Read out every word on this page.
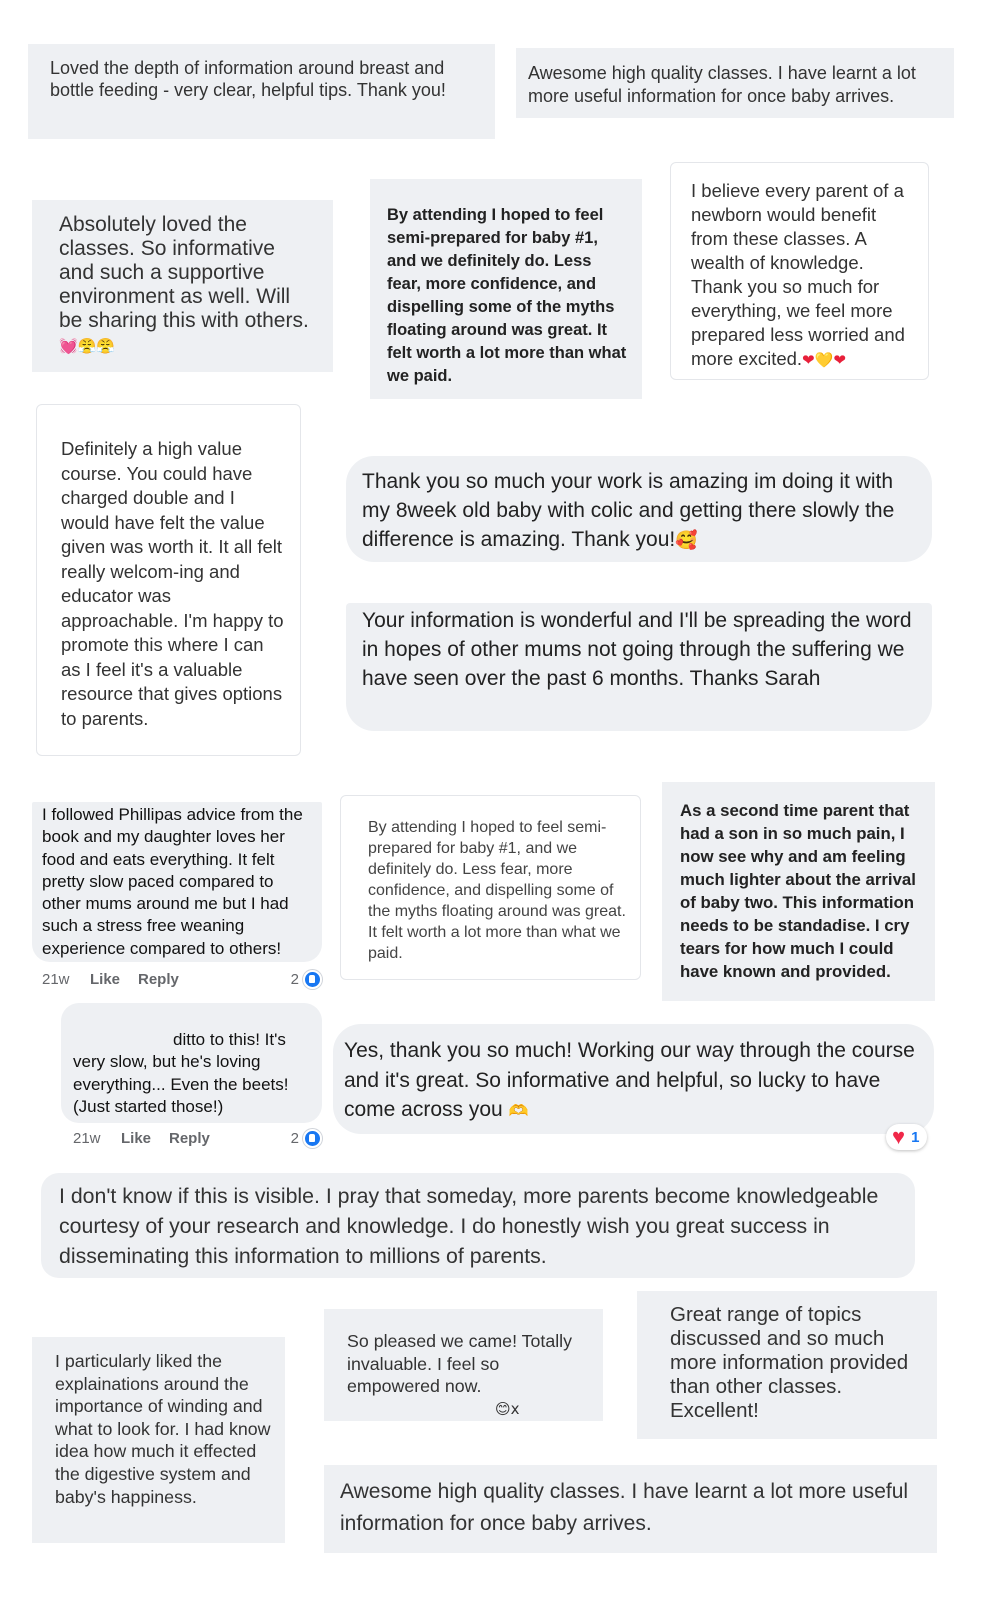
Loved the depth of information around breast and bottle feeding - very clear, helpful tips. Thank you!

Awesome high quality classes. I have learnt a lot more useful information for once baby arrives.

Absolutely loved the classes. So informative and such a supportive environment as well. Will be sharing this with others. 💓😤😤

By attending I hoped to feel semi-prepared for baby #1, and we definitely do. Less fear, more confidence, and dispelling some of the myths floating around was great. It felt worth a lot more than what we paid.

I believe every parent of a newborn would benefit from these classes. A wealth of knowledge. Thank you so much for everything, we feel more prepared less worried and more excited.❤💛❤

Definitely a high value course. You could have charged double and I would have felt the value given was worth it. It all felt really welcom-ing and educator was approachable. I'm happy to promote this where I can as I feel it's a valuable resource that gives options to parents.

Thank you so much your work is amazing im doing it with my 8week old baby with colic and getting there slowly the difference is amazing. Thank you!🥰

Your information is wonderful and I'll be spreading the word in hopes of other mums not going through the suffering we have seen over the past 6 months. Thanks Sarah

I followed Phillipas advice from the book and my daughter loves her food and eats everything. It felt pretty slow paced compared to other mums around me but I had such a stress free weaning experience compared to others!

21w	Like	Reply	2

By attending I hoped to feel semi-prepared for baby #1, and we definitely do. Less fear, more confidence, and dispelling some of the myths floating around was great. It felt worth a lot more than what we paid.

As a second time parent that had a son in so much pain, I now see why and am feeling much lighter about the arrival of baby two. This information needs to be standadise. I cry tears for how much I could have known and provided.

ditto to this! It's
very slow, but he's loving everything... Even the beets! (Just started those!)

21w	Like	Reply	2

Yes, thank you so much! Working our way through the course and it's great. So informative and helpful, so lucky to have come across you 🫶

♥ 1

I don't know if this is visible. I pray that someday, more parents become knowledgeable courtesy of your research and knowledge. I do honestly wish you great success in disseminating this information to millions of parents.

I particularly liked the explainations around the importance of winding and what to look for. I had know idea how much it effected the digestive system and baby's happiness.

So pleased we came! Totally invaluable. I feel so empowered now.
😊x

Great range of topics discussed and so much more information provided than other classes. Excellent!

Awesome high quality classes. I have learnt a lot more useful information for once baby arrives.
